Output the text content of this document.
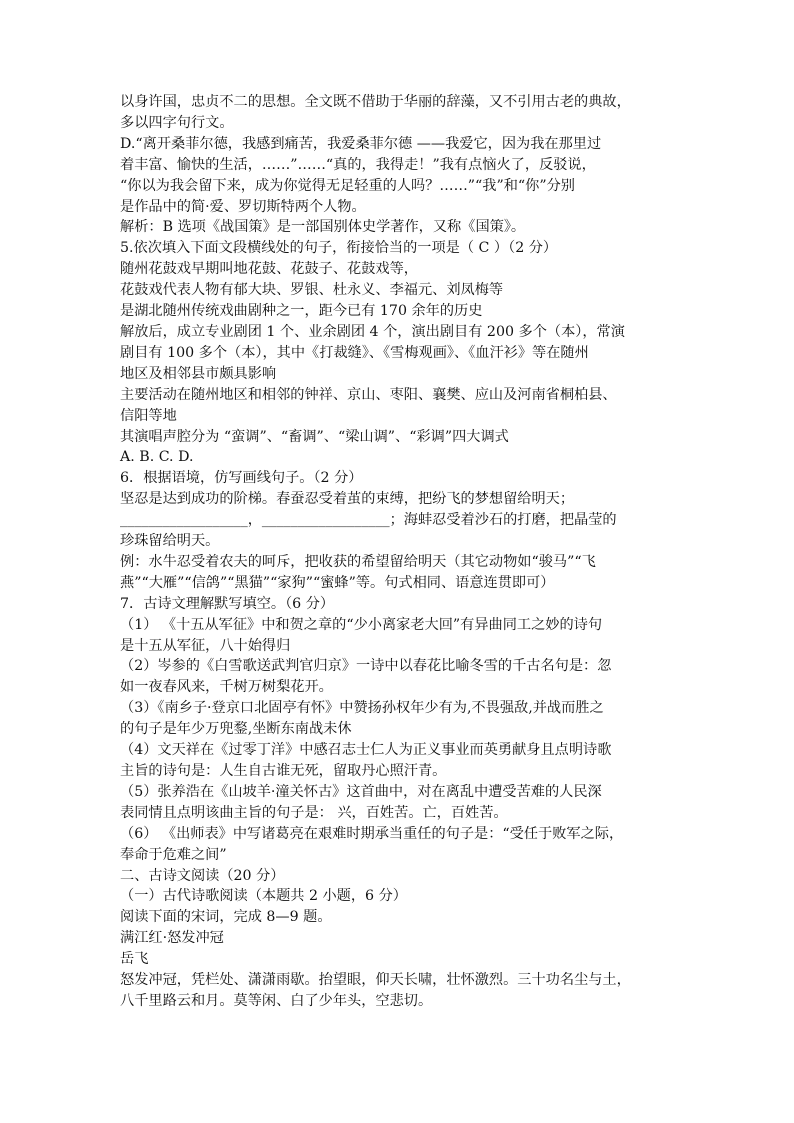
以身许国，忠贞不二的思想。全文既不借助于华丽的辞藻，又不引用古老的典故，
多以四字句行文。
D.“离开桑菲尔德，我感到痛苦，我爱桑菲尔德 ——我爱它，因为我在那里过
着丰富、愉快的生活，……”……“真的，我得走！”我有点恼火了，反驳说，
“你以为我会留下来，成为你觉得无足轻重的人吗？……”“我”和“你”分别
是作品中的简·爱、罗切斯特两个人物。
解析：B 选项《战国策》是一部国别体史学著作，又称《国策》。
5.依次填入下面文段横线处的句子，衔接恰当的一项是（ C ）（2 分）
随州花鼓戏早期叫地花鼓、花鼓子、花鼓戏等，
花鼓戏代表人物有郁大块、罗银、杜永义、李福元、刘凤梅等
是湖北随州传统戏曲剧种之一，距今已有 170 余年的历史
解放后，成立专业剧团 1 个、业余剧团 4 个，演出剧目有 200 多个（本），常演
剧目有 100 多个（本），其中《打裁缝》、《雪梅观画》、《血汗衫》等在随州
地区及相邻县市颇具影响
主要活动在随州地区和相邻的钟祥、京山、枣阳、襄樊、应山及河南省桐柏县、
信阳等地
其演唱声腔分为 “蛮调”、“畜调”、“梁山调”、“彩调”四大调式
A. B. C. D.
6．根据语境，仿写画线句子。（2 分）
坚忍是达到成功的阶梯。春蚕忍受着茧的束缚，把纷飞的梦想留给明天；
__________________，__________________；海蚌忍受着沙石的打磨，把晶莹的
珍珠留给明天。
例：水牛忍受着农夫的呵斥，把收获的希望留给明天（其它动物如“骏马”“飞
燕”“大雁”“信鸽”“黑猫”“家狗”“蜜蜂”等。句式相同、语意连贯即可）
7．古诗文理解默写填空。（6 分）
（1） 《十五从军征》中和贺之章的“少小离家老大回”有异曲同工之妙的诗句
是十五从军征，八十始得归
（2）岑参的《白雪歌送武判官归京》一诗中以春花比喻冬雪的千古名句是：忽
如一夜春风来，千树万树梨花开。
（3）《南乡子·登京口北固亭有怀》中赞扬孙权年少有为,不畏强敌,并战而胜之
的句子是年少万兜鍪,坐断东南战未休
（4）文天祥在《过零丁洋》中感召志士仁人为正义事业而英勇献身且点明诗歌
主旨的诗句是：人生自古谁无死，留取丹心照汗青。
（5）张养浩在《山坡羊·潼关怀古》这首曲中，对在离乱中遭受苦难的人民深
表同情且点明该曲主旨的句子是： 兴，百姓苦。亡，百姓苦。
（6） 《出师表》中写诸葛亮在艰难时期承当重任的句子是：“受任于败军之际，
奉命于危难之间”
二、古诗文阅读（20 分）
（一）古代诗歌阅读（本题共 2 小题，6 分）
阅读下面的宋词，完成 8—9 题。
满江红·怒发冲冠
岳飞
怒发冲冠，凭栏处、潇潇雨歇。抬望眼，仰天长啸，壮怀激烈。三十功名尘与土，
八千里路云和月。莫等闲、白了少年头，空悲切。
